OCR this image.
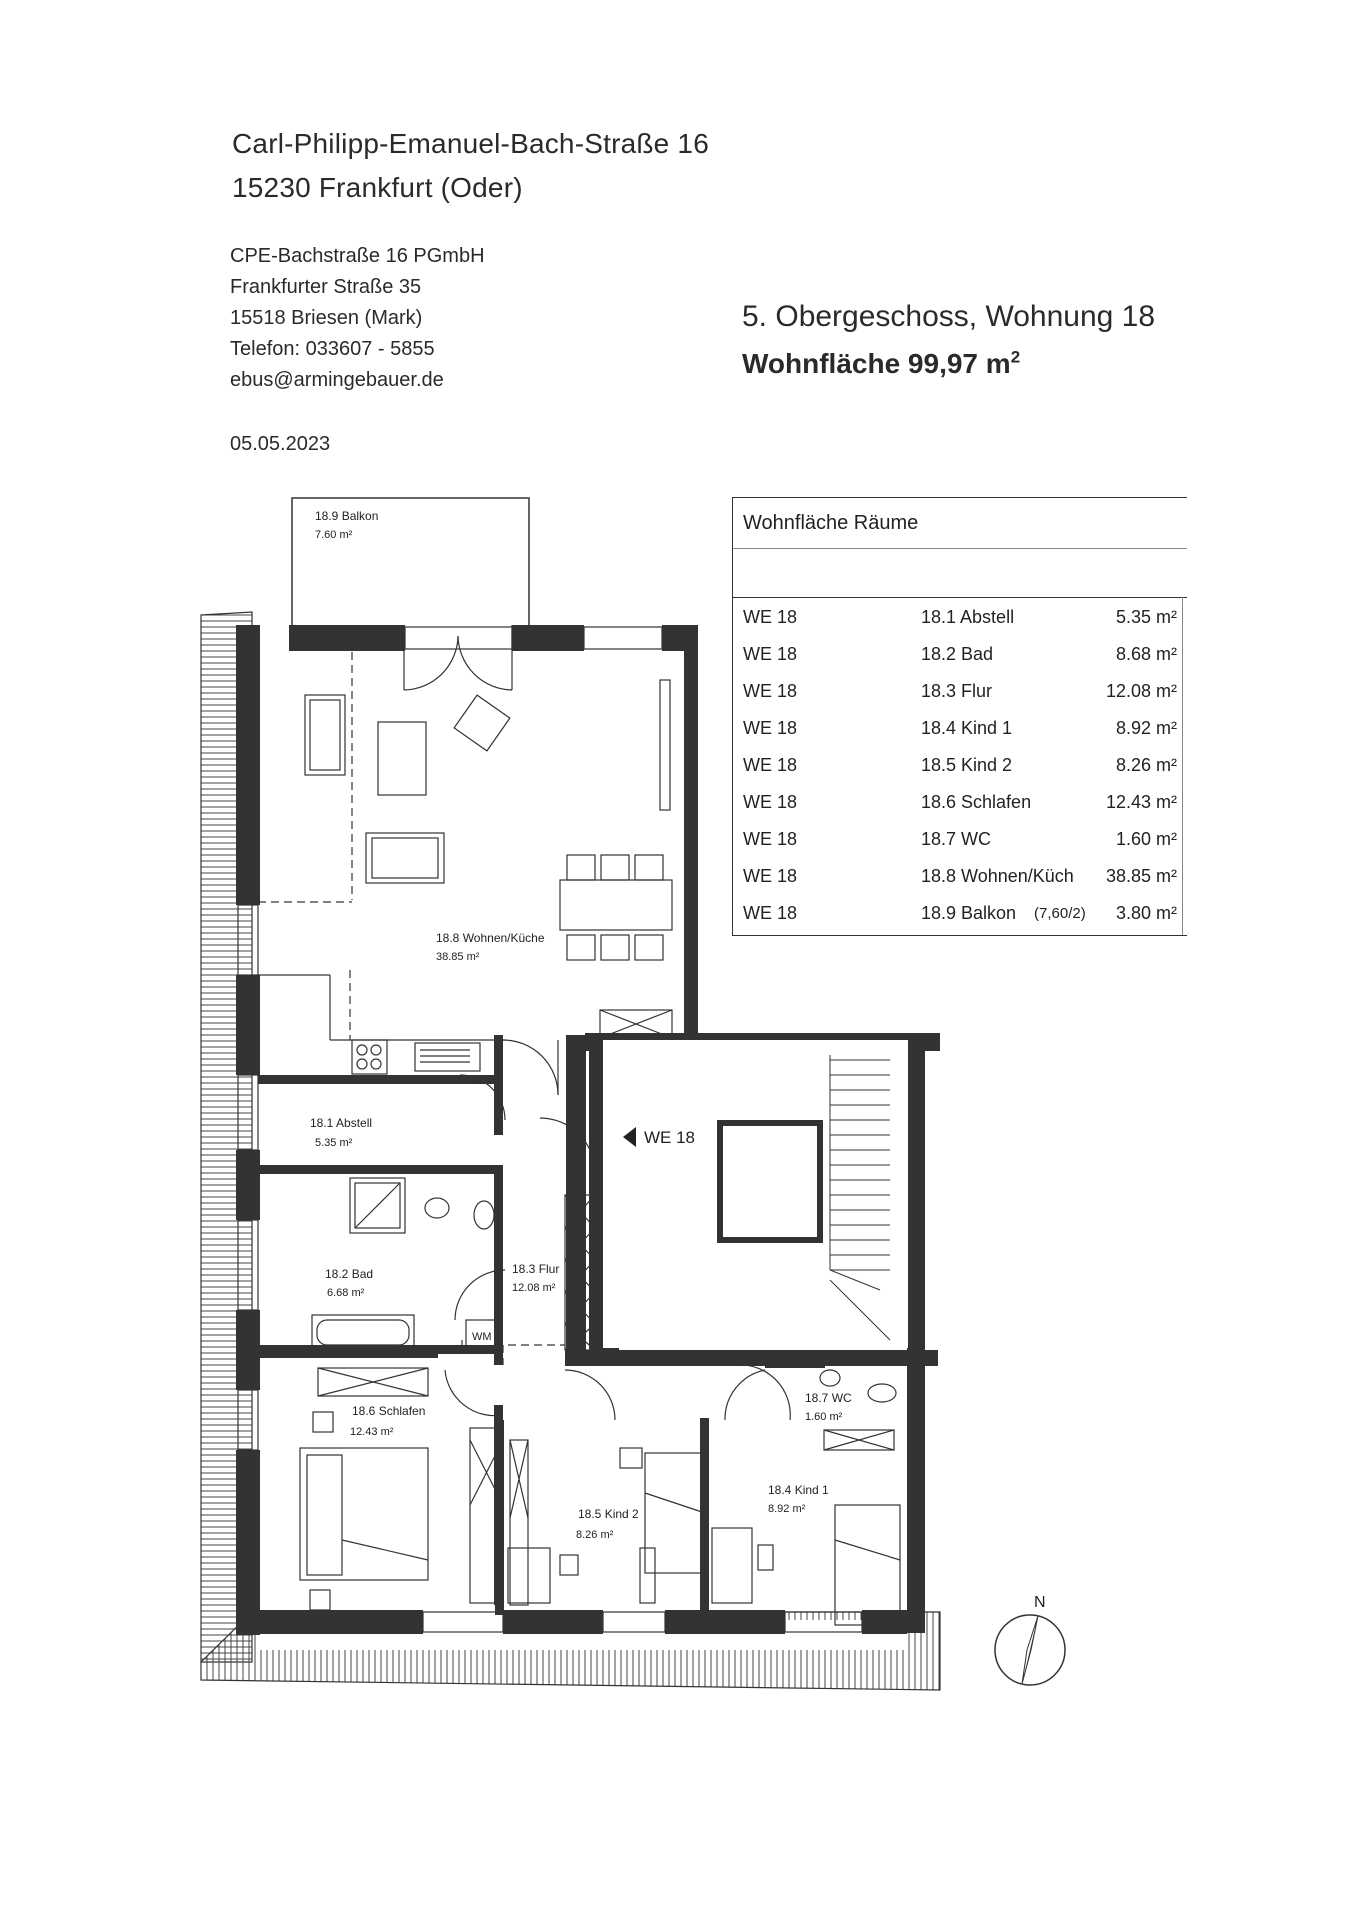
Carl-Philipp-Emanuel-Bach-Straße 16
15230 Frankfurt (Oder)
CPE-Bachstraße 16 PGmbH
Frankfurter Straße 35
15518 Briesen (Mark)
Telefon: 033607 - 5855
ebus@armingebauer.de
05.05.2023
5. Obergeschoss, Wohnung 18
Wohnfläche 99,97 $m^2$
Wohnfläche Räume
WE 18	18.1 Abstell	5.35 m²
WE 18	18.2 Bad	8.68 m²
WE 18	18.3 Flur	12.08 m²
WE 18	18.4 Kind 1	8.92 m²
WE 18	18.5 Kind 2	8.26 m²
WE 18	18.6 Schlafen	12.43 m²
WE 18	18.7 WC	1.60 m²
WE 18	18.8 Wohnen/Küch 38.85 m²
WE 18	18.9 Balkon (7,60/2) 3.80 m²
WE 18
WM
18.9 Balkon
7.60 m²
18.8 Wohnen/Küche
38.85 m²
18.1 Abstell
5.35 m²
18.2 Bad
6.68 m²
18.3 Flur
12.08 m²
18.6 Schlafen
12.43 m²
18.5 Kind 2
8.26 m²
18.4 Kind 1
8.92 m²
18.7 WC
1.60 m²
N
